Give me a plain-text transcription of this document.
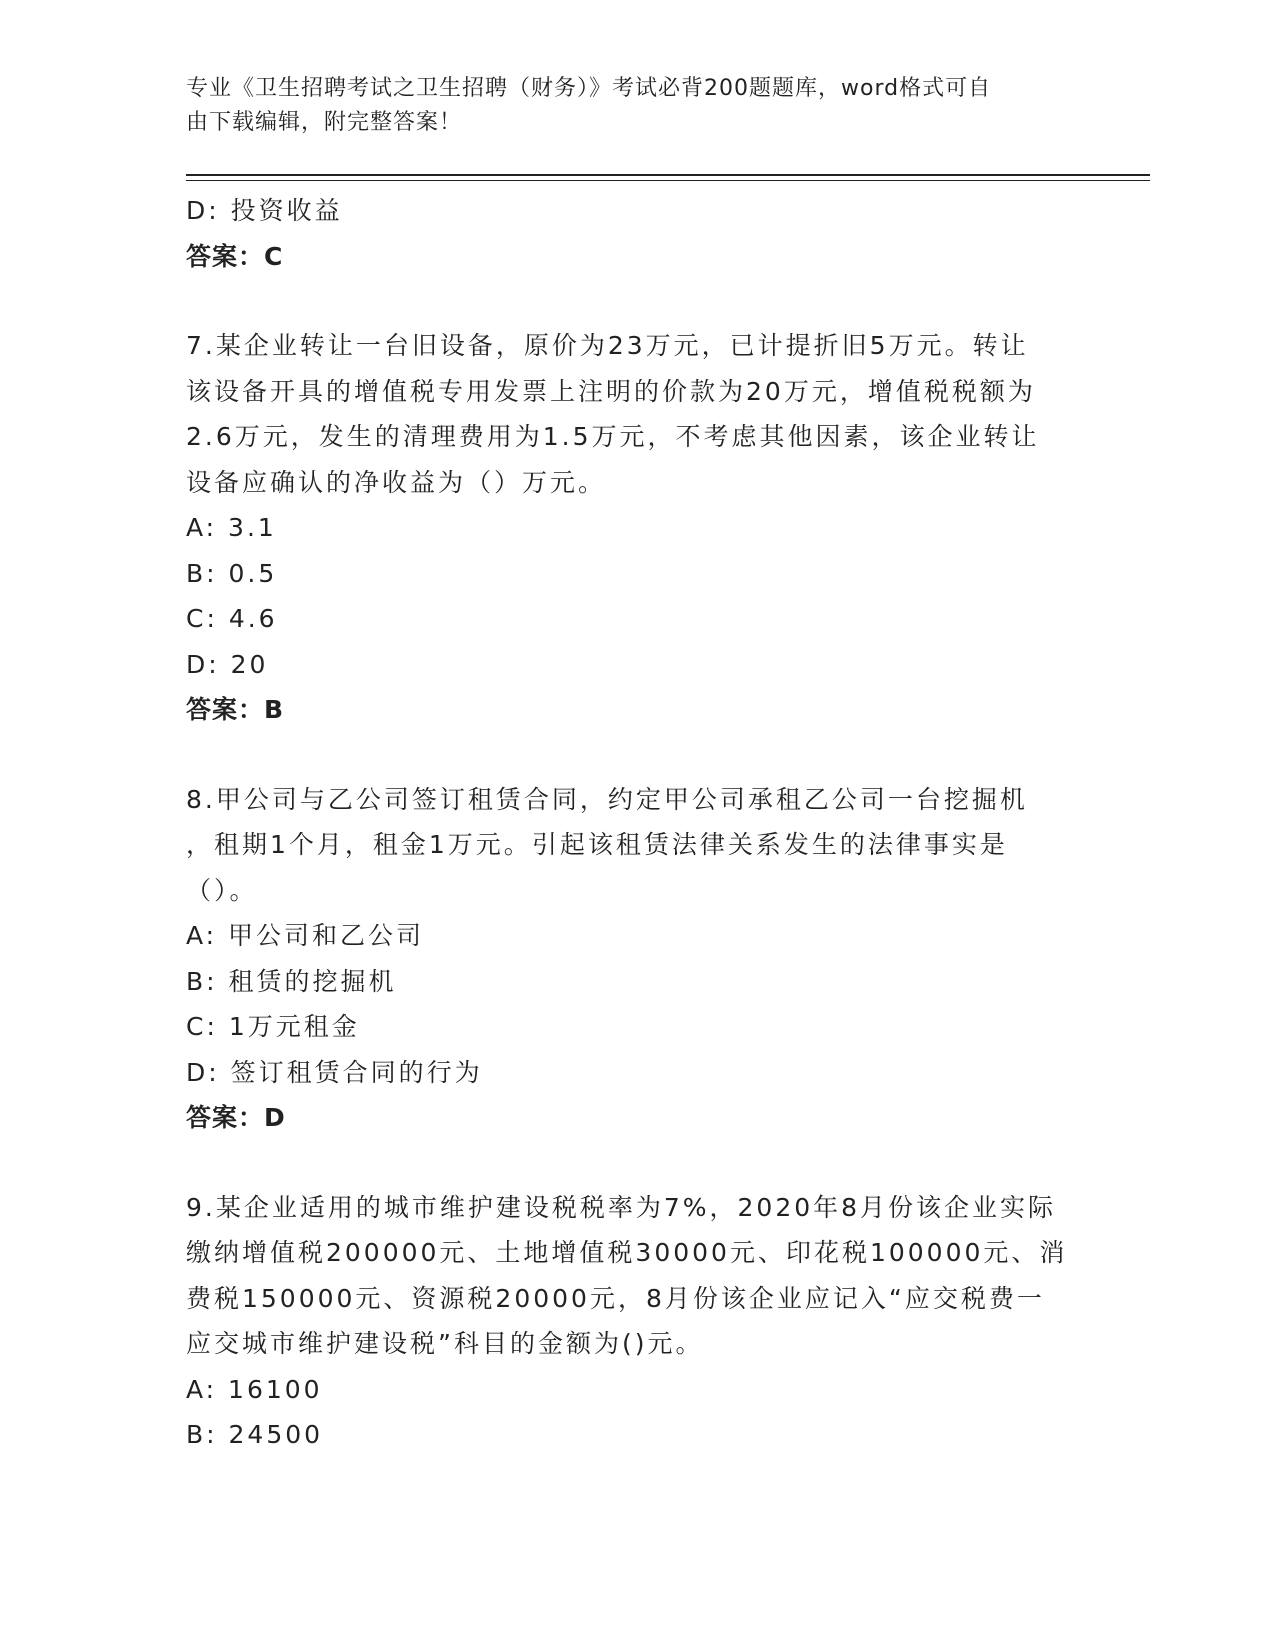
专业《卫生招聘考试之卫生招聘（财务）》考试必背200题题库，word格式可自
由下载编辑，附完整答案！
D: 投资收益
答案：C
7.某企业转让一台旧设备，原价为23万元，已计提折旧5万元。转让
该设备开具的增值税专用发票上注明的价款为20万元，增值税税额为
2.6万元，发生的清理费用为1.5万元，不考虑其他因素，该企业转让
设备应确认的净收益为（）万元。
A: 3.1
B: 0.5
C: 4.6
D: 20
答案：B
8.甲公司与乙公司签订租赁合同，约定甲公司承租乙公司一台挖掘机
，租期1个月，租金1万元。引起该租赁法律关系发生的法律事实是
（）。
A: 甲公司和乙公司
B: 租赁的挖掘机
C: 1万元租金
D: 签订租赁合同的行为
答案：D
9.某企业适用的城市维护建设税税率为7%，2020年8月份该企业实际
缴纳增值税200000元、土地增值税30000元、印花税100000元、消
费税150000元、资源税20000元，8月份该企业应记入“应交税费一
应交城市维护建设税”科目的金额为()元。
A: 16100
B: 24500
